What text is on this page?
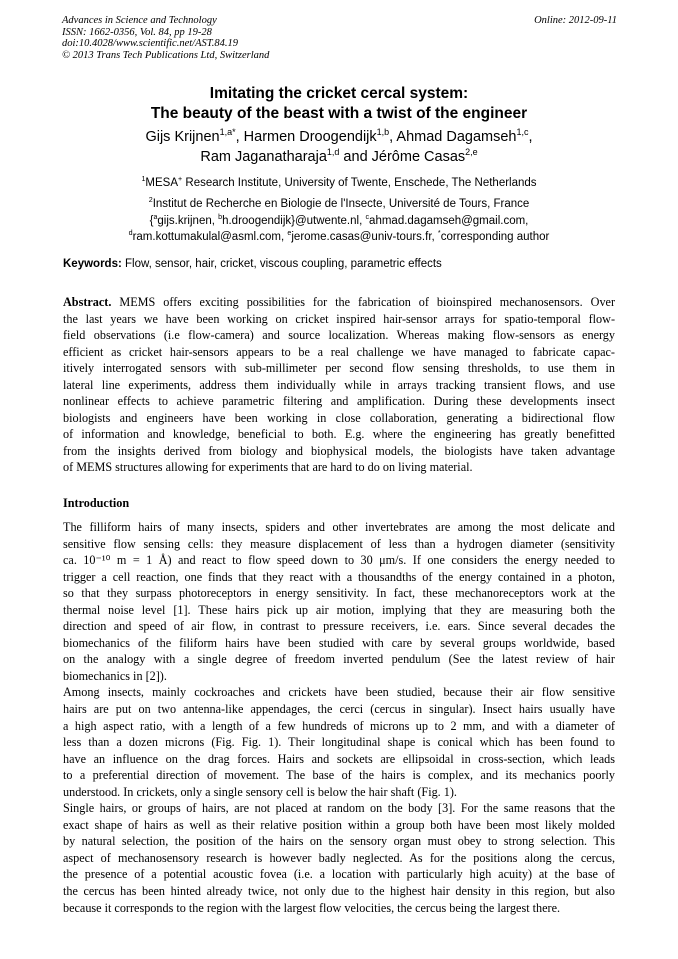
Advances in Science and Technology
ISSN: 1662-0356, Vol. 84, pp 19-28
doi:10.4028/www.scientific.net/AST.84.19
© 2013 Trans Tech Publications Ltd, Switzerland
Online: 2012-09-11
Imitating the cricket cercal system:
The beauty of the beast with a twist of the engineer
Gijs Krijnen$^{1,a*}$, Harmen Droogendijk$^{1,b}$, Ahmad Dagamseh$^{1,c}$,
Ram Jaganatharaja$^{1,d}$ and Jérôme Casas$^{2,e}$
$^1$MESA+ Research Institute, University of Twente, Enschede, The Netherlands
$^2$Institut de Recherche en Biologie de l'Insecte, Université de Tours, France
{$^a$gijs.krijnen, $^b$h.droogendijk}@utwente.nl, $^c$ahmad.dagamseh@gmail.com,
$^d$ram.kottumakulal@asml.com, $^e$jerome.casas@univ-tours.fr, *corresponding author
Keywords: Flow, sensor, hair, cricket, viscous coupling, parametric effects
Abstract. MEMS offers exciting possibilities for the fabrication of bioinspired mechanosensors. Over
the last years we have been working on cricket inspired hair-sensor arrays for spatio-temporal flow-
field observations (i.e flow-camera) and source localization. Whereas making flow-sensors as energy
efficient as cricket hair-sensors appears to be a real challenge we have managed to fabricate capac-
itively interrogated sensors with sub-millimeter per second flow sensing thresholds, to use them in
lateral line experiments, address them individually while in arrays tracking transient flows, and use
nonlinear effects to achieve parametric filtering and amplification. During these developments insect
biologists and engineers have been working in close collaboration, generating a bidirectional flow
of information and knowledge, beneficial to both. E.g. where the engineering has greatly benefitted
from the insights derived from biology and biophysical models, the biologists have taken advantage
of MEMS structures allowing for experiments that are hard to do on living material.
Introduction
The filliform hairs of many insects, spiders and other invertebrates are among the most delicate and
sensitive flow sensing cells: they measure displacement of less than a hydrogen diameter (sensitivity
ca. 10⁻¹⁰ m = 1 Å) and react to flow speed down to 30 μm/s. If one considers the energy needed to
trigger a cell reaction, one finds that they react with a thousandths of the energy contained in a photon,
so that they surpass photoreceptors in energy sensitivity. In fact, these mechanoreceptors work at the
thermal noise level [1]. These hairs pick up air motion, implying that they are measuring both the
direction and speed of air flow, in contrast to pressure receivers, i.e. ears. Since several decades the
biomechanics of the filiform hairs have been studied with care by several groups worldwide, based
on the analogy with a single degree of freedom inverted pendulum (See the latest review of hair
biomechanics in [2]).
Among insects, mainly cockroaches and crickets have been studied, because their air flow sensitive
hairs are put on two antenna-like appendages, the cerci (cercus in singular). Insect hairs usually have
a high aspect ratio, with a length of a few hundreds of microns up to 2 mm, and with a diameter of
less than a dozen microns (Fig. Fig. 1). Their longitudinal shape is conical which has been found to
have an influence on the drag forces. Hairs and sockets are ellipsoidal in cross-section, which leads
to a preferential direction of movement. The base of the hairs is complex, and its mechanics poorly
understood. In crickets, only a single sensory cell is below the hair shaft (Fig. 1).
Single hairs, or groups of hairs, are not placed at random on the body [3]. For the same reasons that the
exact shape of hairs as well as their relative position within a group both have been most likely molded
by natural selection, the position of the hairs on the sensory organ must obey to strong selection. This
aspect of mechanosensory research is however badly neglected. As for the positions along the cercus,
the presence of a potential acoustic fovea (i.e. a location with particularly high acuity) at the base of
the cercus has been hinted already twice, not only due to the highest hair density in this region, but also
because it corresponds to the region with the largest flow velocities, the cercus being the largest there.
